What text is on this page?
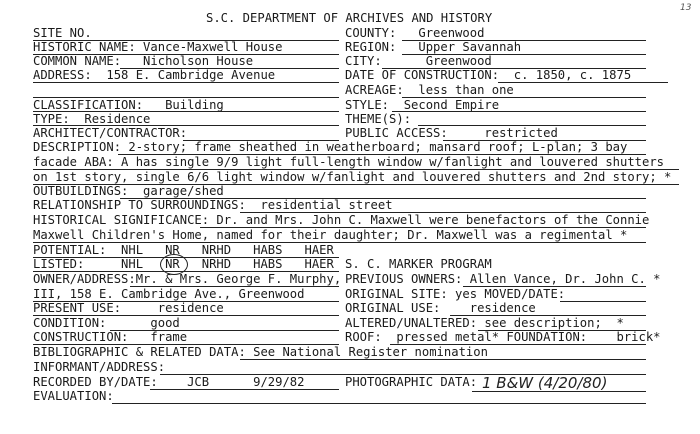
13
S.C. DEPARTMENT OF ARCHIVES AND HISTORY
SITE NO.	COUNTY:   Greenwood
HISTORIC NAME: Vance-Maxwell House	REGION:   Upper Savannah
COMMON NAME:   Nicholson House	CITY:      Greenwood
ADDRESS:  158 E. Cambridge Avenue	DATE OF CONSTRUCTION:  c. 1850, c. 1875
ACREAGE:  less than one
CLASSIFICATION:   Building	STYLE:  Second Empire
TYPE:  Residence	THEME(S):
ARCHITECT/CONTRACTOR:	PUBLIC ACCESS:     restricted
DESCRIPTION: 2-story; frame sheathed in weatherboard; mansard roof; L-plan; 3 bay
facade ABA: A has single 9/9 light full-length window w/fanlight and louvered shutters
on 1st story, single 6/6 light window w/fanlight and louvered shutters and 2nd story; *
OUTBUILDINGS:  garage/shed
RELATIONSHIP TO SURROUNDINGS:  residential street
HISTORICAL SIGNIFICANCE: Dr. and Mrs. John C. Maxwell were benefactors of the Connie
Maxwell Children's Home, named for their daughter; Dr. Maxwell was a regimental *
POTENTIAL:  NHL   NR   NRHD   HABS   HAER
LISTED:     NHL   NR   NRHD   HABS   HAER S. C. MARKER PROGRAM
OWNER/ADDRESS:Mr. & Mrs. George F. Murphy, PREVIOUS OWNERS: Allen Vance, Dr. John C. *
III, 158 E. Cambridge Ave., Greenwood	ORIGINAL SITE: yes MOVED/DATE:
PRESENT USE:     residence	ORIGINAL USE:    residence
CONDITION:      good	ALTERED/UNALTERED: see description;  *
CONSTRUCTION:   frame	ROOF:  pressed metal* FOUNDATION:    brick*
BIBLIOGRAPHIC & RELATED DATA: See National Register nomination
INFORMANT/ADDRESS:
RECORDED BY/DATE:    JCB      9/29/82	PHOTOGRAPHIC DATA: 1 B&W (4/20/80)
EVALUATION:
